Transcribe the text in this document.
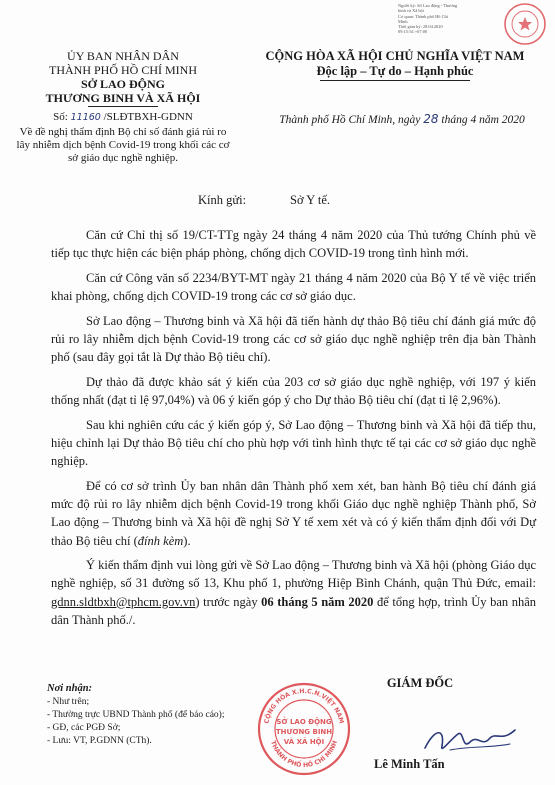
Người ký: Sở Lao động - Thương
binh và Xã hội
Cơ quan: Thành phố Hồ Chí
Minh
Thời gian ký: 28.04.2020
09:15:54 +07:00
ỦY BAN NHÂN DÂN
THÀNH PHỐ HỒ CHÍ MINH
SỞ LAO ĐỘNG
THƯƠNG BINH VÀ XÃ HỘI
Số: 11160 /SLĐTBXH-GDNN
Về đề nghị thẩm định Bộ chỉ số đánh giá rủi ro lây nhiễm dịch bệnh Covid-19 trong khối các cơ sở giáo dục nghề nghiệp.
CỘNG HÒA XÃ HỘI CHỦ NGHĨA VIỆT NAM
Độc lập – Tự do – Hạnh phúc
Thành phố Hồ Chí Minh, ngày 28 tháng 4 năm 2020
Kính gửi:	Sở Y tế.

Căn cứ Chỉ thị số 19/CT-TTg ngày 24 tháng 4 năm 2020 của Thủ tướng Chính phủ về tiếp tục thực hiện các biện pháp phòng, chống dịch COVID-19 trong tình hình mới.

Căn cứ Công văn số 2234/BYT-MT ngày 21 tháng 4 năm 2020 của Bộ Y tế về việc triển khai phòng, chống dịch COVID-19 trong các cơ sở giáo dục.

Sở Lao động – Thương binh và Xã hội đã tiến hành dự thảo Bộ tiêu chí đánh giá mức độ rủi ro lây nhiễm dịch bệnh Covid-19 trong các cơ sở giáo dục nghề nghiệp trên địa bàn Thành phố (sau đây gọi tắt là Dự thảo Bộ tiêu chí).

Dự thảo đã được khảo sát ý kiến của 203 cơ sở giáo dục nghề nghiệp, với 197 ý kiến thống nhất (đạt tỉ lệ 97,04%) và 06 ý kiến góp ý cho Dự thảo Bộ tiêu chí (đạt tỉ lệ 2,96%).

Sau khi nghiên cứu các ý kiến góp ý, Sở Lao động – Thương binh và Xã hội đã tiếp thu, hiệu chỉnh lại Dự thảo Bộ tiêu chí cho phù hợp với tình hình thực tế tại các cơ sở giáo dục nghề nghiệp.

Để có cơ sở trình Ủy ban nhân dân Thành phố xem xét, ban hành Bộ tiêu chí đánh giá mức độ rủi ro lây nhiễm dịch bệnh Covid-19 trong khối Giáo dục nghề nghiệp Thành phố, Sở Lao động – Thương binh và Xã hội đề nghị Sở Y tế xem xét và có ý kiến thẩm định đối với Dự thảo Bộ tiêu chí (đính kèm).

Ý kiến thẩm định vui lòng gửi về Sở Lao động – Thương binh và Xã hội (phòng Giáo dục nghề nghiệp, số 31 đường số 13, Khu phố 1, phường Hiệp Bình Chánh, quận Thủ Đức, email: gdnn.sldtbxh@tphcm.gov.vn) trước ngày 06 tháng 5 năm 2020 để tổng hợp, trình Ủy ban nhân dân Thành phố./.

Nơi nhận:
- Như trên;
- Thường trực UBND Thành phố (để báo cáo);
- GĐ, các PGĐ Sở;
- Lưu: VT, P.GDNN (CTh).
GIÁM ĐỐC
CỘNG HÒA X.H.C.N.VIỆT NAM
THÀNH PHỐ HỒ CHÍ MINH
SỞ LAO ĐỘNG
THƯƠNG BINH
VÀ XÃ HỘI
Lê Minh Tấn
